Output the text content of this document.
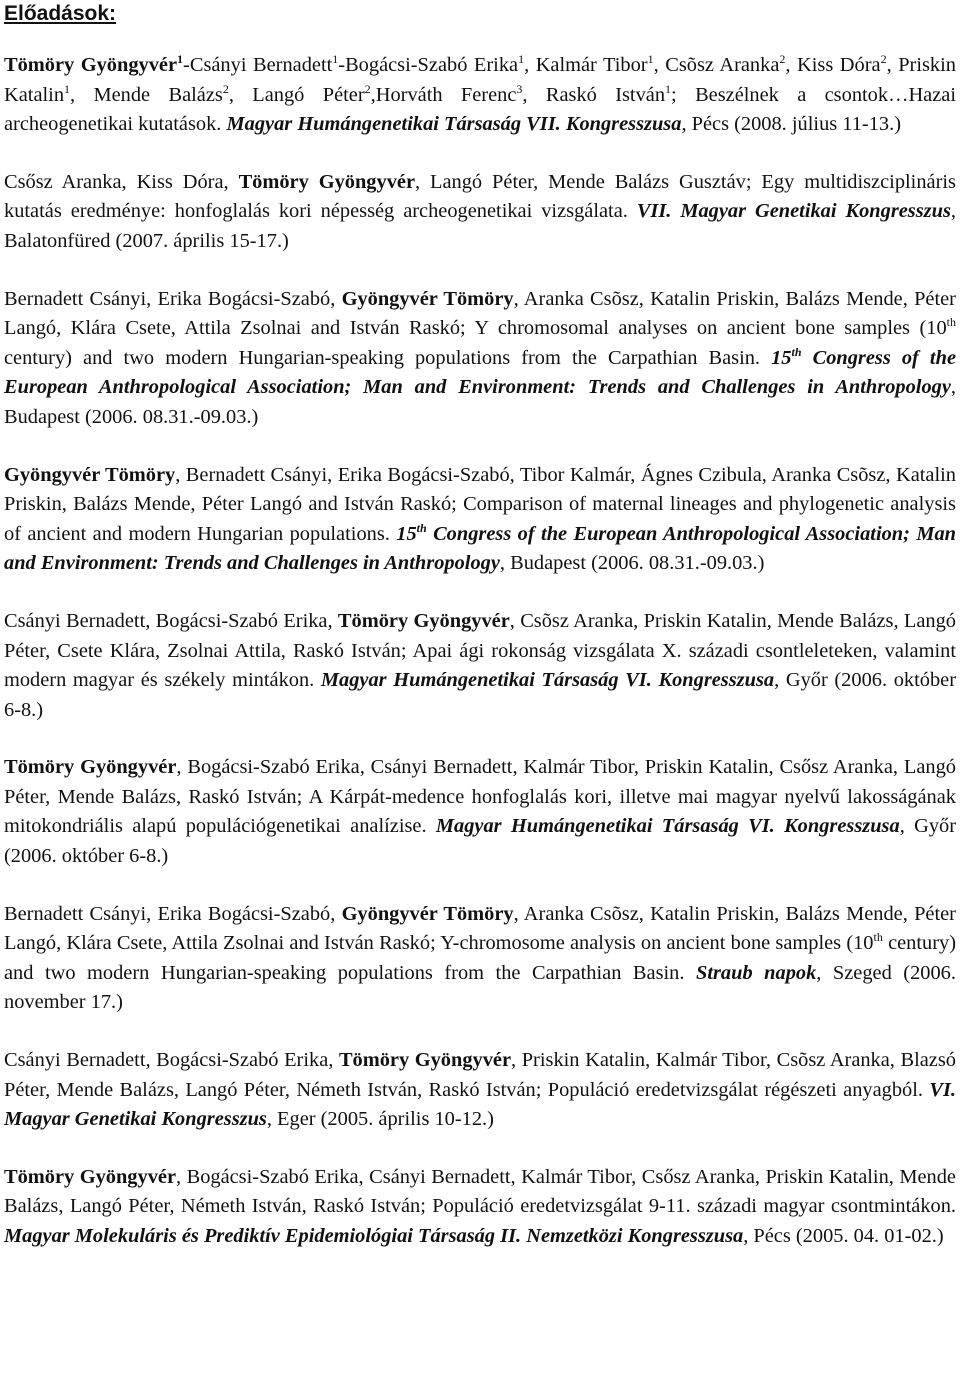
Előadások:

Tömöry Gyöngyvér$^1$-Csányi Bernadett$^1$-Bogácsi-Szabó Erika$^1$, Kalmár Tibor$^1$, Csõsz Aranka$^2$, Kiss Dóra$^2$, Priskin Katalin$^1$, Mende Balázs$^2$, Langó Péter$^2$,Horváth Ferenc$^3$, Raskó István$^1$; Beszélnek a csontok…Hazai archeogenetikai kutatások. Magyar Humángenetikai Társaság VII. Kongresszusa, Pécs (2008. július 11-13.)

Csősz Aranka, Kiss Dóra, Tömöry Gyöngyvér, Langó Péter, Mende Balázs Gusztáv; Egy multidiszciplináris kutatás eredménye: honfoglalás kori népesség archeogenetikai vizsgálata. VII. Magyar Genetikai Kongresszus, Balatonfüred (2007. április 15-17.)

Bernadett Csányi, Erika Bogácsi-Szabó, Gyöngyvér Tömöry, Aranka Csõsz, Katalin Priskin, Balázs Mende, Péter Langó, Klára Csete, Attila Zsolnai and István Raskó; Y chromosomal analyses on ancient bone samples (10th century) and two modern Hungarian-speaking populations from the Carpathian Basin. 15th Congress of the European Anthropological Association; Man and Environment: Trends and Challenges in Anthropology, Budapest (2006. 08.31.-09.03.)

Gyöngyvér Tömöry, Bernadett Csányi, Erika Bogácsi-Szabó, Tibor Kalmár, Ágnes Czibula, Aranka Csõsz, Katalin Priskin, Balázs Mende, Péter Langó and István Raskó; Comparison of maternal lineages and phylogenetic analysis of ancient and modern Hungarian populations. 15th Congress of the European Anthropological Association; Man and Environment: Trends and Challenges in Anthropology, Budapest (2006. 08.31.-09.03.)

Csányi Bernadett, Bogácsi-Szabó Erika, Tömöry Gyöngyvér, Csõsz Aranka, Priskin Katalin, Mende Balázs, Langó Péter, Csete Klára, Zsolnai Attila, Raskó István; Apai ági rokonság vizsgálata X. századi csontleleteken, valamint modern magyar és székely mintákon. Magyar Humángenetikai Társaság VI. Kongresszusa, Győr (2006. október 6-8.)

Tömöry Gyöngyvér, Bogácsi-Szabó Erika, Csányi Bernadett, Kalmár Tibor, Priskin Katalin, Csősz Aranka, Langó Péter, Mende Balázs, Raskó István; A Kárpát-medence honfoglalás kori, illetve mai magyar nyelvű lakosságának mitokondriális alapú populációgenetikai analízise. Magyar Humángenetikai Társaság VI. Kongresszusa, Győr (2006. október 6-8.)

Bernadett Csányi, Erika Bogácsi-Szabó, Gyöngyvér Tömöry, Aranka Csõsz, Katalin Priskin, Balázs Mende, Péter Langó, Klára Csete, Attila Zsolnai and István Raskó; Y-chromosome analysis on ancient bone samples (10th century) and two modern Hungarian-speaking populations from the Carpathian Basin. Straub napok, Szeged (2006. november 17.)

Csányi Bernadett, Bogácsi-Szabó Erika, Tömöry Gyöngyvér, Priskin Katalin, Kalmár Tibor, Csõsz Aranka, Blazsó Péter, Mende Balázs, Langó Péter, Németh István, Raskó István; Populáció eredetvizsgálat régészeti anyagból. VI. Magyar Genetikai Kongresszus, Eger (2005. április 10-12.)

Tömöry Gyöngyvér, Bogácsi-Szabó Erika, Csányi Bernadett, Kalmár Tibor, Csősz Aranka, Priskin Katalin, Mende Balázs, Langó Péter, Németh István, Raskó István; Populáció eredetvizsgálat 9-11. századi magyar csontmintákon. Magyar Molekuláris és Prediktív Epidemiológiai Társaság II. Nemzetközi Kongresszusa, Pécs (2005. 04. 01-02.)
